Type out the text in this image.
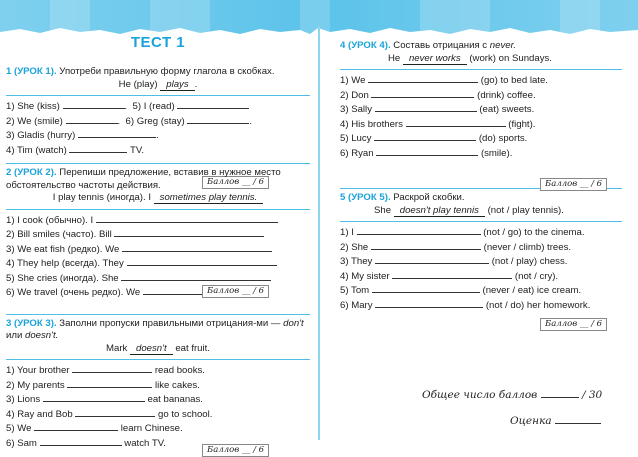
ТЕСТ 1
1 (УРОК 1). Употреби правильную форму глагола в скобках.
He (play) plays .
1) She (kiss)	. 5) I (read)
2) We (smile)	. 6) Greg (stay)	.
3) Gladis (hurry)	.
4) Tim (watch)	TV.
Баллов __ / 6
2 (УРОК 2). Перепиши предложение, вставив в нужное место обстоятельство частоты действия.
I play tennis (иногда). I sometimes play tennis.
1) I cook (обычно). I
2) Bill smiles (часто). Bill
3) We eat fish (редко). We
4) They help (всегда). They
5) She cries (иногда). She
6) We travel (очень редко). We	Баллов __ / 6
3 (УРОК 3). Заполни пропуски правильными отрицания-ми — don't или doesn't.
Mark doesn't eat fruit.
1) Your brother	read books.
2) My parents	like cakes.
3) Lions	eat bananas.
4) Ray and Bob	go to school.
5) We	learn Chinese.
6) Sam	watch TV.
Баллов __ / 6
4 (УРОК 4). Составь отрицания с never.
He never works (work) on Sundays.
1) We	(go) to bed late.
2) Don	(drink) coffee.
3) Sally	(eat) sweets.
4) His brothers	(fight).
5) Lucy	(do) sports.
6) Ryan	(smile).
Баллов __ / 6
5 (УРОК 5). Раскрой скобки.
She doesn't play tennis (not / play tennis).
1) I	(not / go) to the cinema.
2) She	(never / climb) trees.
3) They	(not / play) chess.
4) My sister	(not / cry).
5) Tom	(never / eat) ice cream.
6) Mary	(not / do) her homework.
Баллов __ / 6
Общее число баллов	/ 30
Оценка
